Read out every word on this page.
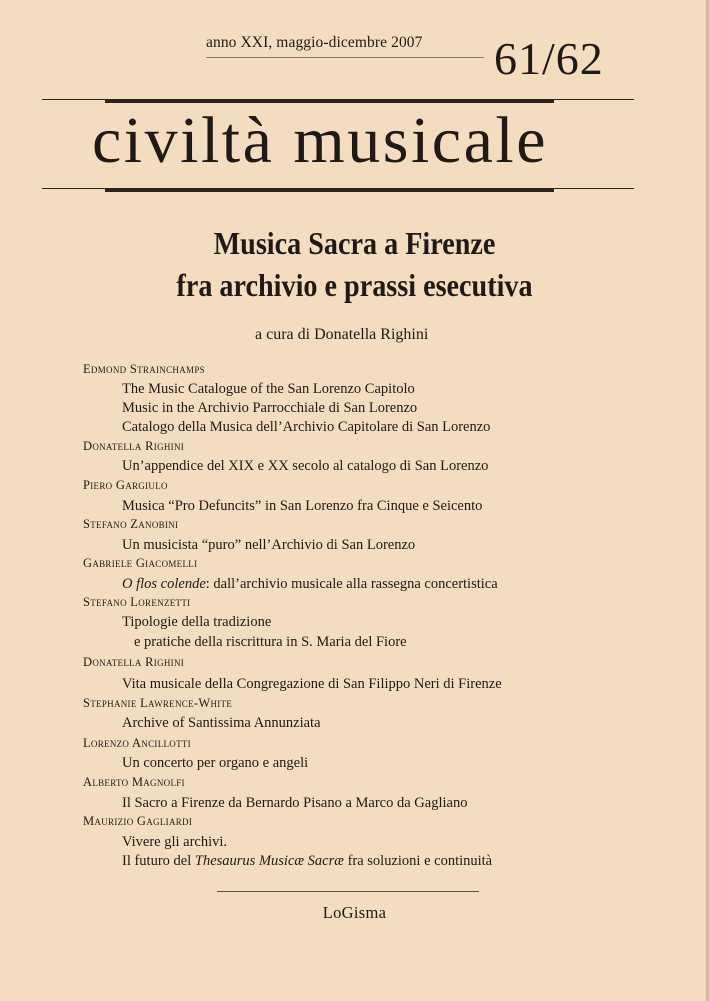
anno XXI, maggio-dicembre 2007 61/62
civiltà musicale
Musica Sacra a Firenze
fra archivio e prassi esecutiva
a cura di Donatella Righini
Edmond Strainchamps
The Music Catalogue of the San Lorenzo Capitolo
Music in the Archivio Parrocchiale di San Lorenzo
Catalogo della Musica dell’Archivio Capitolare di San Lorenzo
Donatella Righini
Un’appendice del XIX e XX secolo al catalogo di San Lorenzo
Piero Gargiulo
Musica “Pro Defuncits” in San Lorenzo fra Cinque e Seicento
Stefano Zanobini
Un musicista “puro” nell’Archivio di San Lorenzo
Gabriele Giacomelli
O flos colende: dall’archivio musicale alla rassegna concertistica
Stefano Lorenzetti
Tipologie della tradizione
e pratiche della riscrittura in S. Maria del Fiore
Donatella Righini
Vita musicale della Congregazione di San Filippo Neri di Firenze
Stephanie Lawrence-White
Archive of Santissima Annunziata
Lorenzo Ancillotti
Un concerto per organo e angeli
Alberto Magnolfi
Il Sacro a Firenze da Bernardo Pisano a Marco da Gagliano
Maurizio Gagliardi
Vivere gli archivi.
Il futuro del Thesaurus Musicæ Sacræ fra soluzioni e continuità
LoGisma
